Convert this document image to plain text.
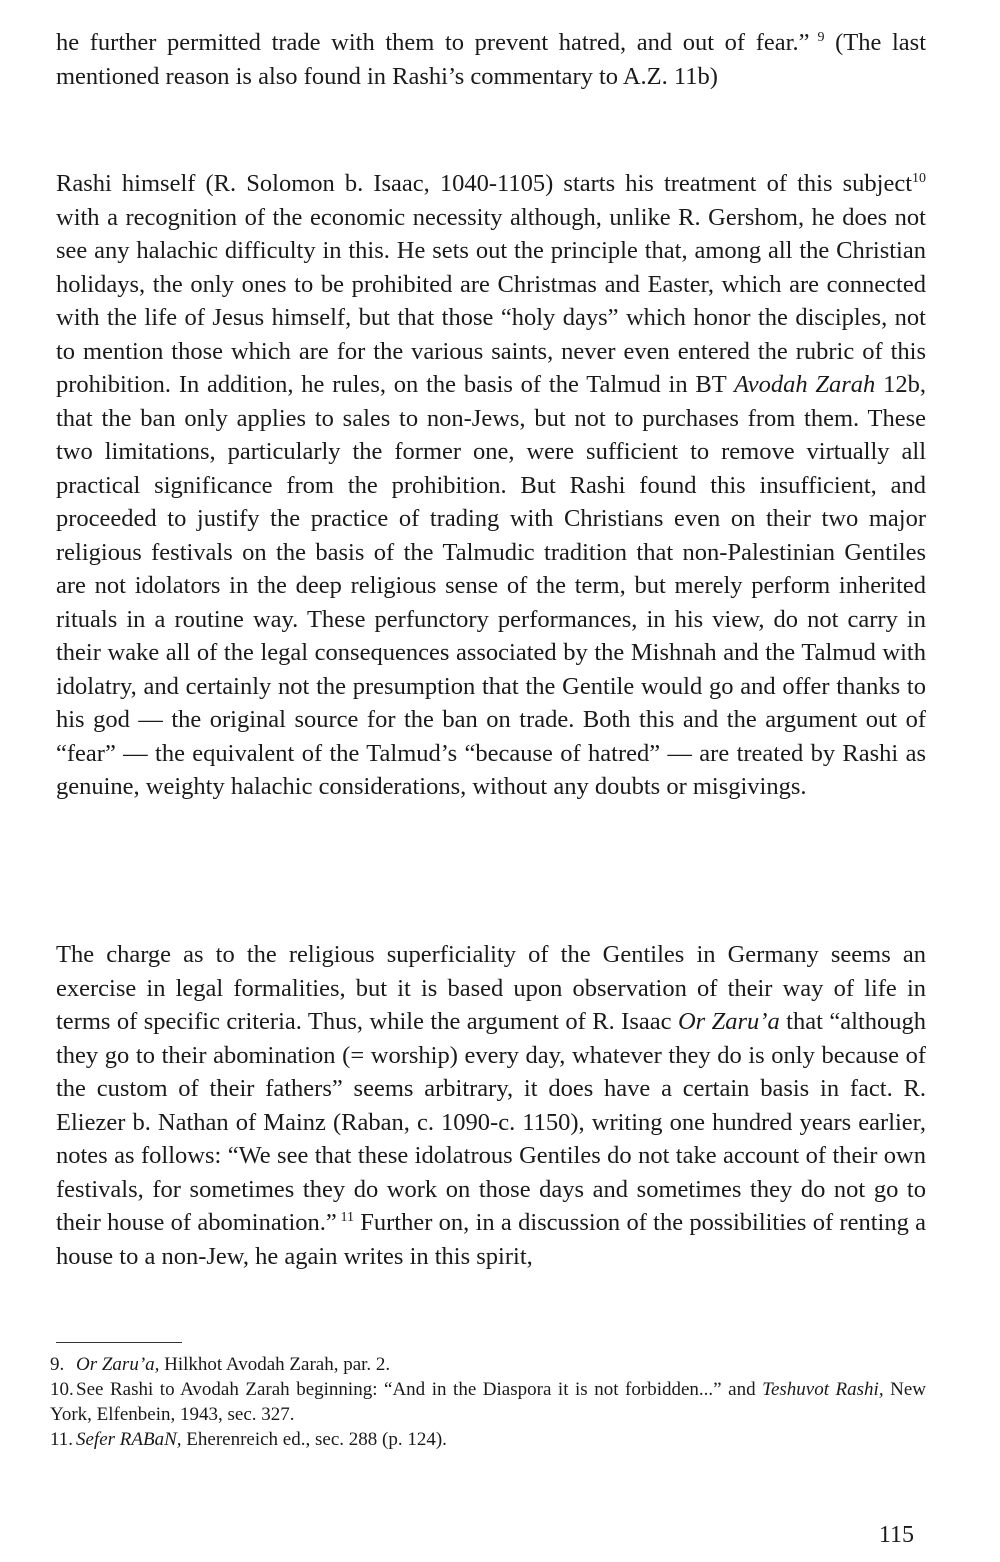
he further permitted trade with them to prevent hatred, and out of fear.” $^9$ (The last mentioned reason is also found in Rashi’s commentary to A.Z. 11b)

Rashi himself (R. Solomon b. Isaac, 1040-1105) starts his treatment of this subject$^{10}$ with a recognition of the economic necessity although, unlike R. Gershom, he does not see any halachic difficulty in this. He sets out the principle that, among all the Christian holidays, the only ones to be prohibited are Christmas and Easter, which are connected with the life of Jesus himself, but that those “holy days” which honor the disciples, not to mention those which are for the various saints, never even entered the rubric of this prohibition. In addition, he rules, on the basis of the Talmud in BT Avodah Zarah 12b, that the ban only applies to sales to non-Jews, but not to purchases from them. These two limitations, particularly the former one, were sufficient to remove virtually all practical significance from the prohibition. But Rashi found this insufficient, and proceeded to justify the practice of trading with Christians even on their two major religious festivals on the basis of the Talmudic tradition that non-Palestinian Gentiles are not idolators in the deep religious sense of the term, but merely perform inherited rituals in a routine way. These perfunctory performances, in his view, do not carry in their wake all of the legal consequences associated by the Mishnah and the Talmud with idolatry, and certainly not the presumption that the Gentile would go and offer thanks to his god — the original source for the ban on trade. Both this and the argument out of “fear” — the equivalent of the Talmud’s “because of hatred” — are treated by Rashi as genuine, weighty halachic considerations, without any doubts or misgivings.

The charge as to the religious superficiality of the Gentiles in Germany seems an exercise in legal formalities, but it is based upon observation of their way of life in terms of specific criteria. Thus, while the argument of R. Isaac Or Zaru’a that “although they go to their abomination (= worship) every day, whatever they do is only because of the custom of their fathers” seems arbitrary, it does have a certain basis in fact. R. Eliezer b. Nathan of Mainz (Raban, c. 1090-c. 1150), writing one hundred years earlier, notes as follows: “We see that these idolatrous Gentiles do not take account of their own festivals, for sometimes they do work on those days and sometimes they do not go to their house of abomination.” $^{11}$ Further on, in a discussion of the possibilities of renting a house to a non-Jew, he again writes in this spirit,

9. Or Zaru’a, Hilkhot Avodah Zarah, par. 2.
10. See Rashi to Avodah Zarah beginning: “And in the Diaspora it is not forbidden...” and Teshuvot Rashi, New York, Elfenbein, 1943, sec. 327.
11. Sefer RABaN, Eherenreich ed., sec. 288 (p. 124).
115
